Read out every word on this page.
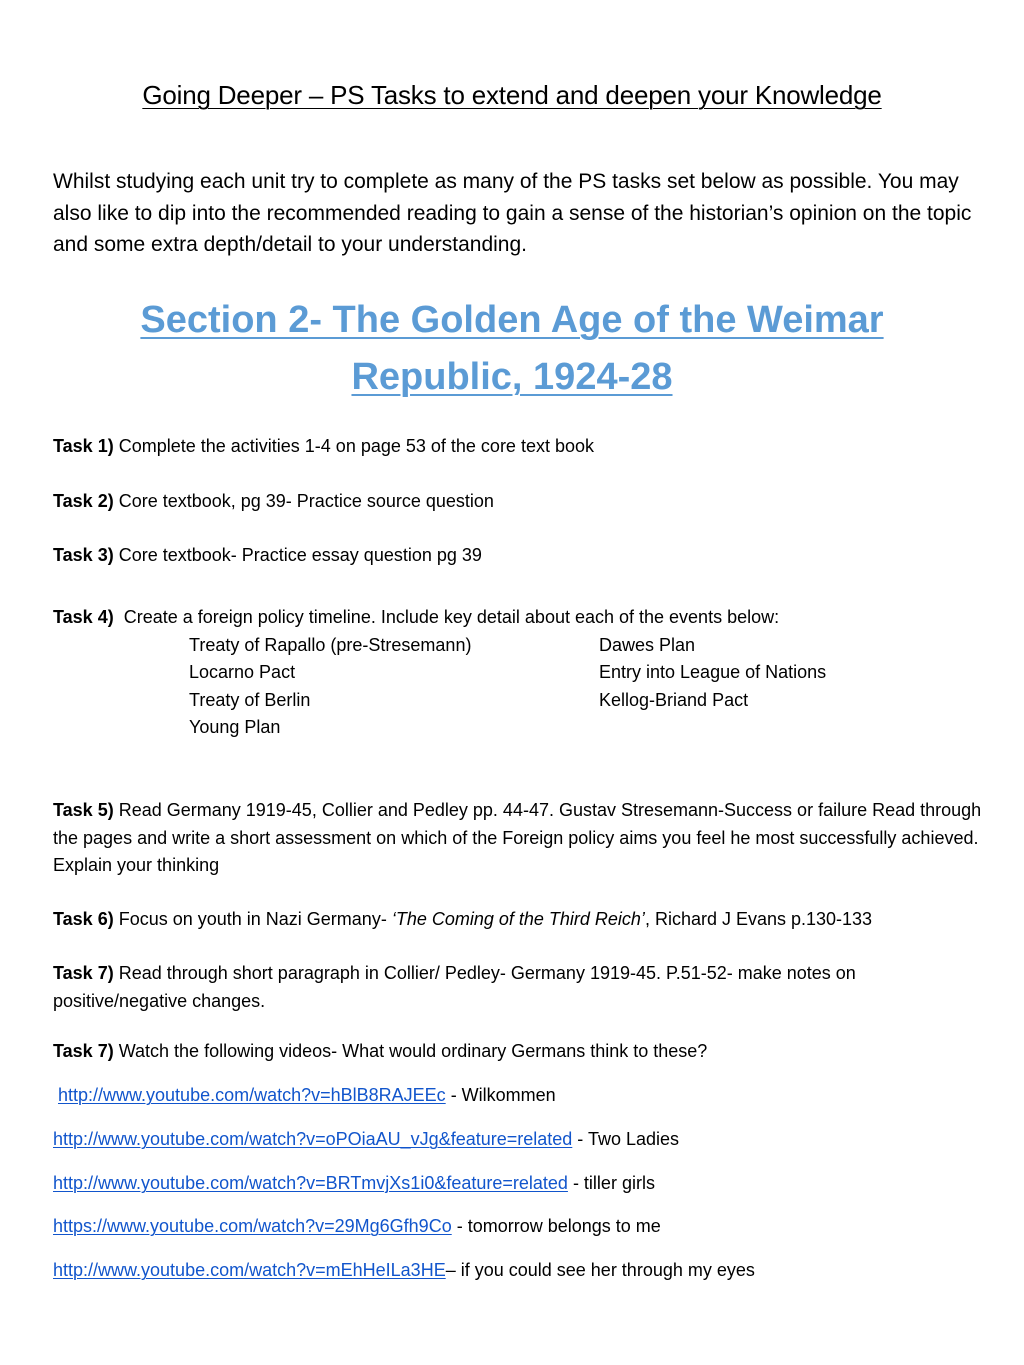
Going Deeper – PS Tasks to extend and deepen your Knowledge
Whilst studying each unit try to complete as many of the PS tasks set below as possible. You may also like to dip into the recommended reading to gain a sense of the historian’s opinion on the topic and some extra depth/detail to your understanding.
Section 2- The Golden Age of the Weimar
Republic, 1924-28
Task 1) Complete the activities 1-4 on page 53 of the core text book
Task 2) Core textbook, pg 39- Practice source question
Task 3) Core textbook- Practice essay question pg 39
Task 4)  Create a foreign policy timeline. Include key detail about each of the events below:
Treaty of Rapallo (pre-Stresemann)
Locarno Pact
Treaty of Berlin
Young Plan
Dawes Plan
Entry into League of Nations
Kellog-Briand Pact
Task 5) Read Germany 1919-45, Collier and Pedley pp. 44-47. Gustav Stresemann-Success or failure Read through the pages and write a short assessment on which of the Foreign policy aims you feel he most successfully achieved. Explain your thinking
Task 6) Focus on youth in Nazi Germany- ‘The Coming of the Third Reich’, Richard J Evans p.130-133
Task 7) Read through short paragraph in Collier/ Pedley- Germany 1919-45. P.51-52- make notes on positive/negative changes.
Task 7) Watch the following videos- What would ordinary Germans think to these?
http://www.youtube.com/watch?v=hBlB8RAJEEc - Wilkommen
http://www.youtube.com/watch?v=oPOiaAU_vJg&feature=related - Two Ladies
http://www.youtube.com/watch?v=BRTmvjXs1i0&feature=related - tiller girls
https://www.youtube.com/watch?v=29Mg6Gfh9Co - tomorrow belongs to me
http://www.youtube.com/watch?v=mEhHeILa3HE– if you could see her through my eyes
